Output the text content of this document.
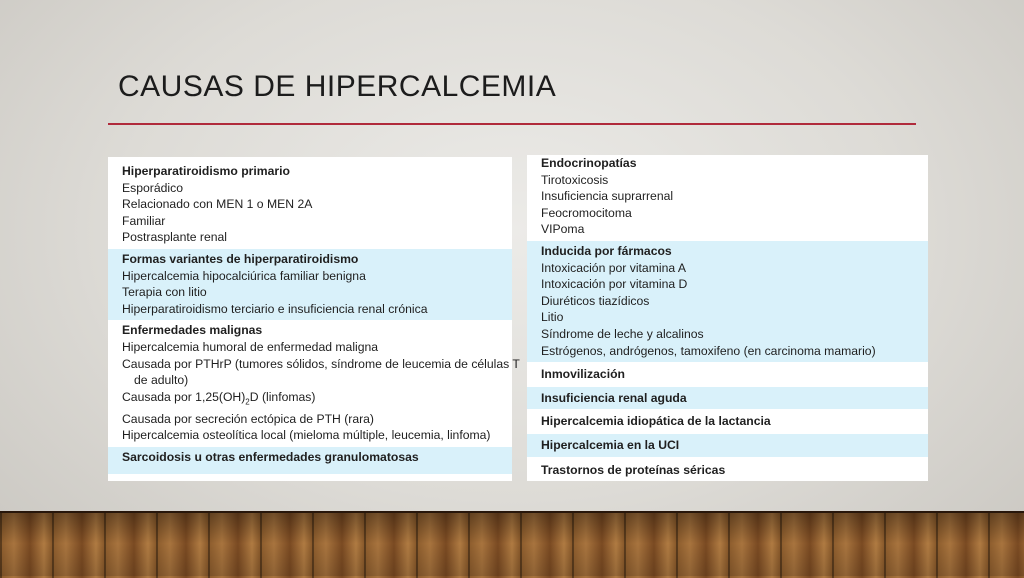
CAUSAS DE HIPERCALCEMIA
Hiperparatiroidismo primario
Esporádico
Relacionado con MEN 1 o MEN 2A
Familiar
Postrasplante renal
Formas variantes de hiperparatiroidismo
Hipercalcemia hipocalciúrica familiar benigna
Terapia con litio
Hiperparatiroidismo terciario e insuficiencia renal crónica
Enfermedades malignas
Hipercalcemia humoral de enfermedad maligna
Causada por PTHrP (tumores sólidos, síndrome de leucemia de células T
de adulto)
Causada por $1,25(OH)_2D$ (linfomas)
Causada por secreción ectópica de PTH (rara)
Hipercalcemia osteolítica local (mieloma múltiple, leucemia, linfoma)
Sarcoidosis u otras enfermedades granulomatosas
Endocrinopatías
Tirotoxicosis
Insuficiencia suprarrenal
Feocromocitoma
VIPoma
Inducida por fármacos
Intoxicación por vitamina A
Intoxicación por vitamina D
Diuréticos tiazídicos
Litio
Síndrome de leche y alcalinos
Estrógenos, andrógenos, tamoxifeno (en carcinoma mamario)
Inmovilización
Insuficiencia renal aguda
Hipercalcemia idiopática de la lactancia
Hipercalcemia en la UCI
Trastornos de proteínas séricas
